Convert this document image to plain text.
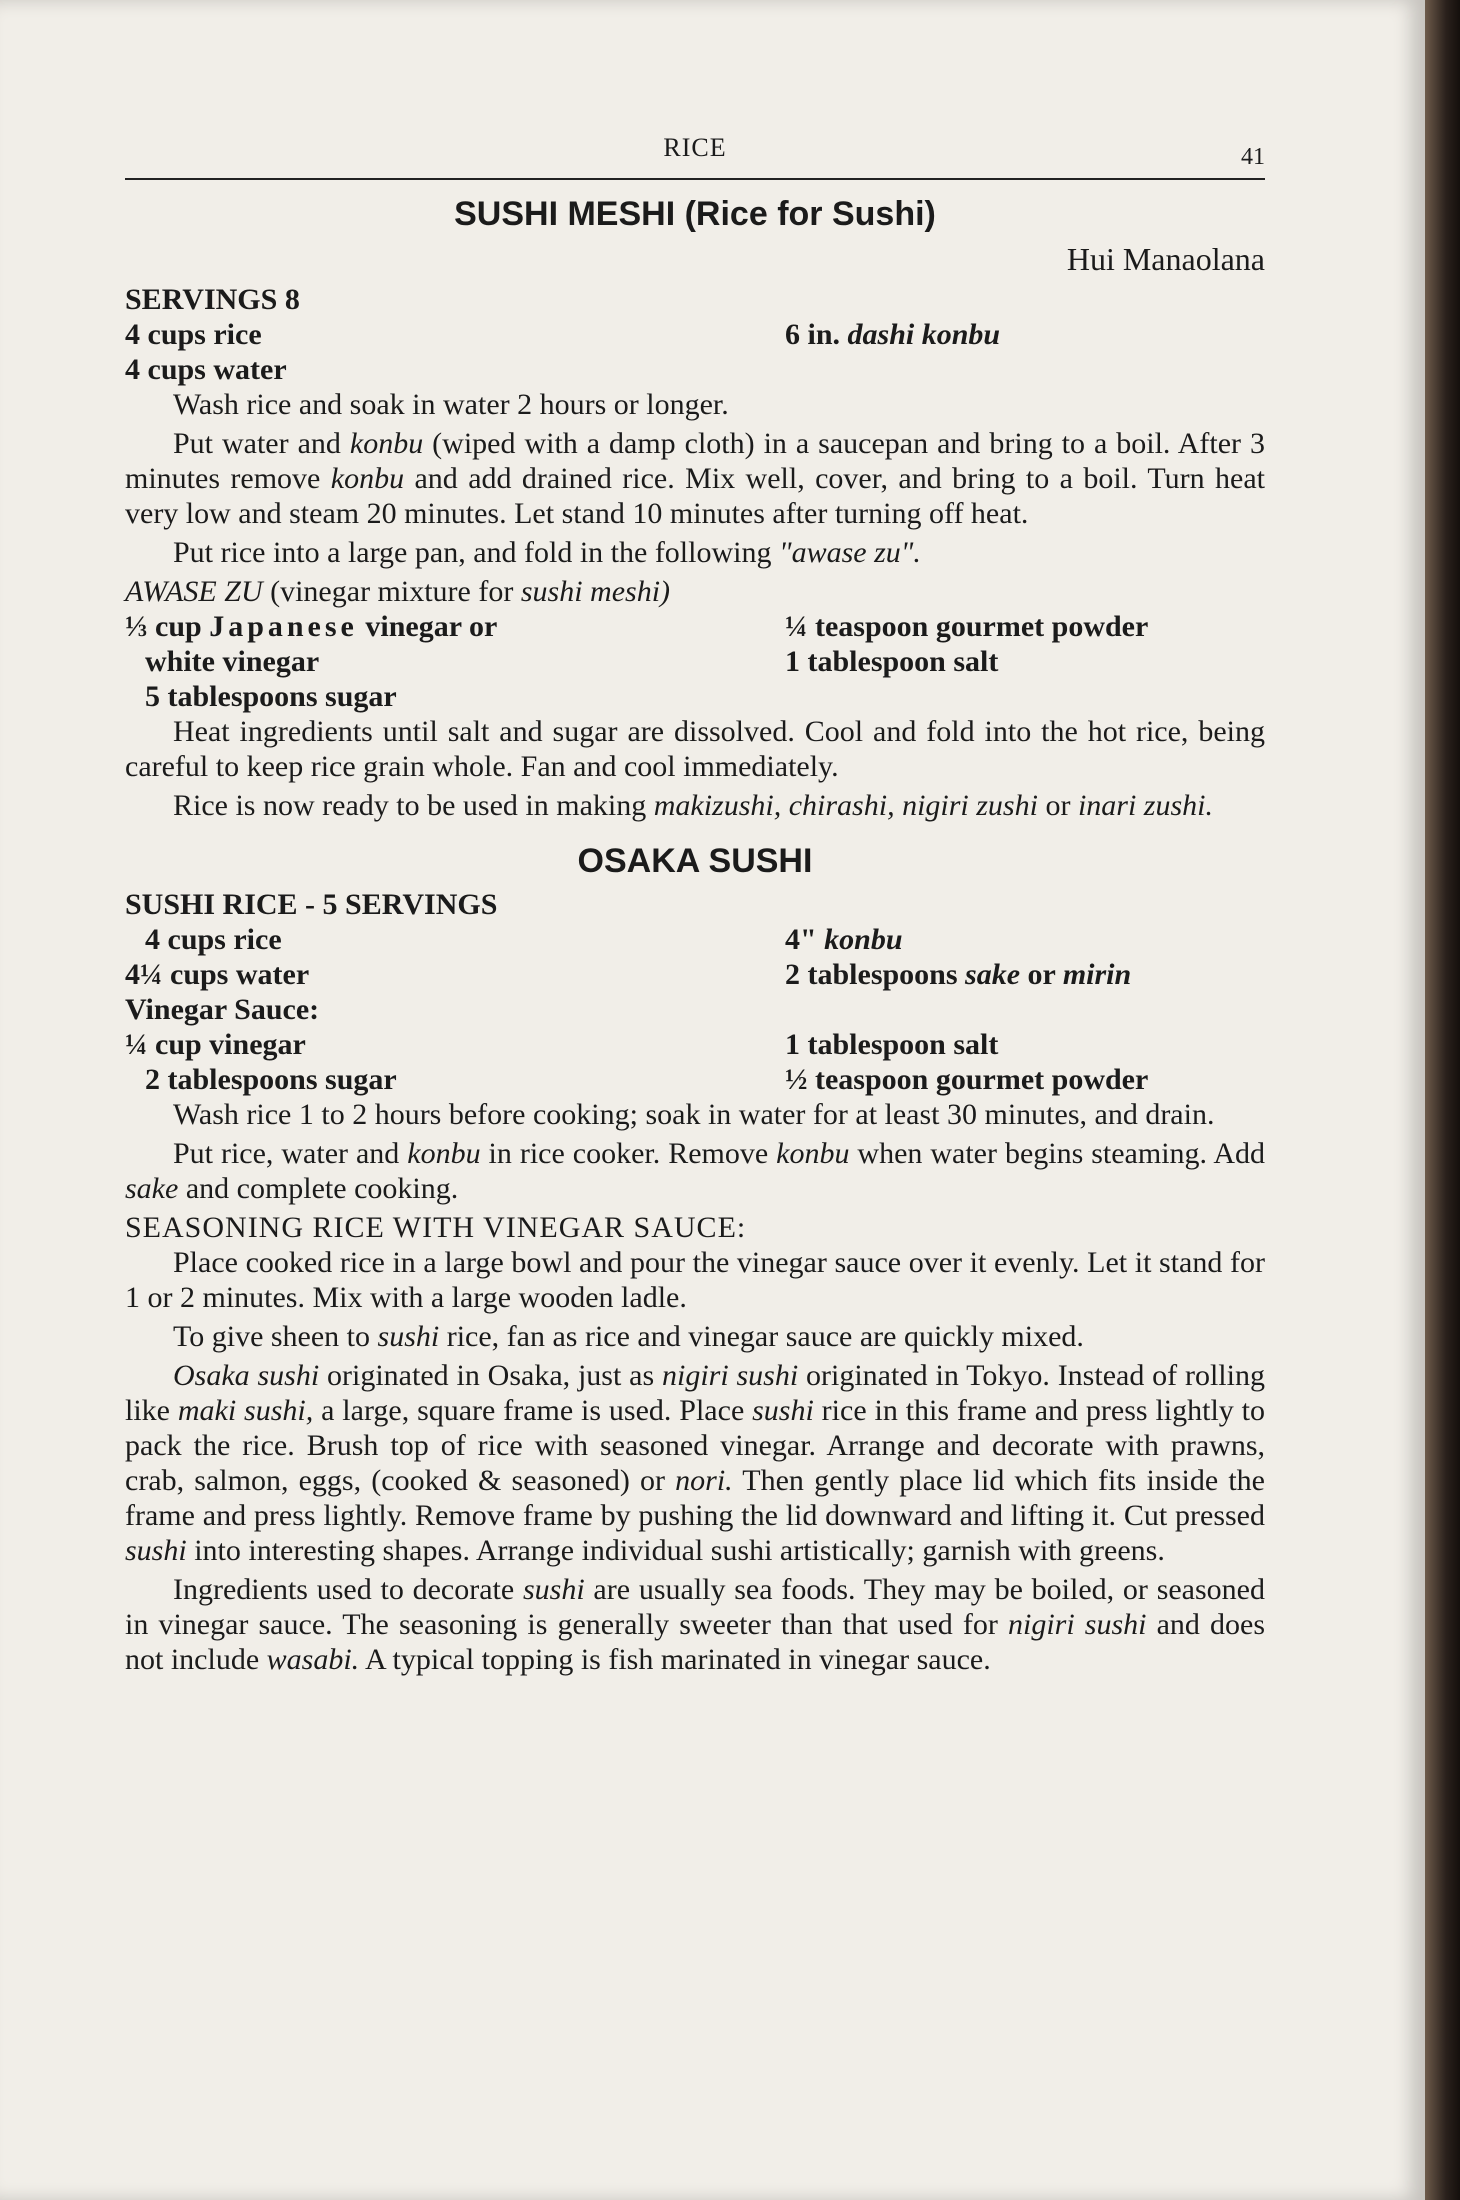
RICE	41
SUSHI MESHI (Rice for Sushi)
Hui Manaolana
SERVINGS 8
4 cups rice
4 cups water
6 in. dashi konbu

Wash rice and soak in water 2 hours or longer.

Put water and konbu (wiped with a damp cloth) in a saucepan and bring to a boil. After 3 minutes remove konbu and add drained rice. Mix well, cover, and bring to a boil. Turn heat very low and steam 20 minutes. Let stand 10 minutes after turning off heat.

Put rice into a large pan, and fold in the following "awase zu".

AWASE ZU (vinegar mixture for sushi meshi)
⅓ cup Japanese vinegar or
white vinegar
5 tablespoons sugar
¼ teaspoon gourmet powder
1 tablespoon salt

Heat ingredients until salt and sugar are dissolved. Cool and fold into the hot rice, being careful to keep rice grain whole. Fan and cool immediately.

Rice is now ready to be used in making makizushi, chirashi, nigiri zushi or inari zushi.

OSAKA SUSHI
SUSHI RICE - 5 SERVINGS
4 cups rice
4¼ cups water
Vinegar Sauce:
¼ cup vinegar
2 tablespoons sugar
4" konbu
2 tablespoons sake or mirin
1 tablespoon salt
½ teaspoon gourmet powder

Wash rice 1 to 2 hours before cooking; soak in water for at least 30 minutes, and drain.

Put rice, water and konbu in rice cooker. Remove konbu when water begins steaming. Add sake and complete cooking.

SEASONING RICE WITH VINEGAR SAUCE:

Place cooked rice in a large bowl and pour the vinegar sauce over it evenly. Let it stand for 1 or 2 minutes. Mix with a large wooden ladle.

To give sheen to sushi rice, fan as rice and vinegar sauce are quickly mixed.

Osaka sushi originated in Osaka, just as nigiri sushi originated in Tokyo. Instead of rolling like maki sushi, a large, square frame is used. Place sushi rice in this frame and press lightly to pack the rice. Brush top of rice with seasoned vinegar. Arrange and decorate with prawns, crab, salmon, eggs, (cooked & seasoned) or nori. Then gently place lid which fits inside the frame and press lightly. Remove frame by pushing the lid downward and lifting it. Cut pressed sushi into interesting shapes. Arrange individual sushi artistically; garnish with greens.

Ingredients used to decorate sushi are usually sea foods. They may be boiled, or seasoned in vinegar sauce. The seasoning is generally sweeter than that used for nigiri sushi and does not include wasabi. A typical topping is fish marinated in vinegar sauce.
